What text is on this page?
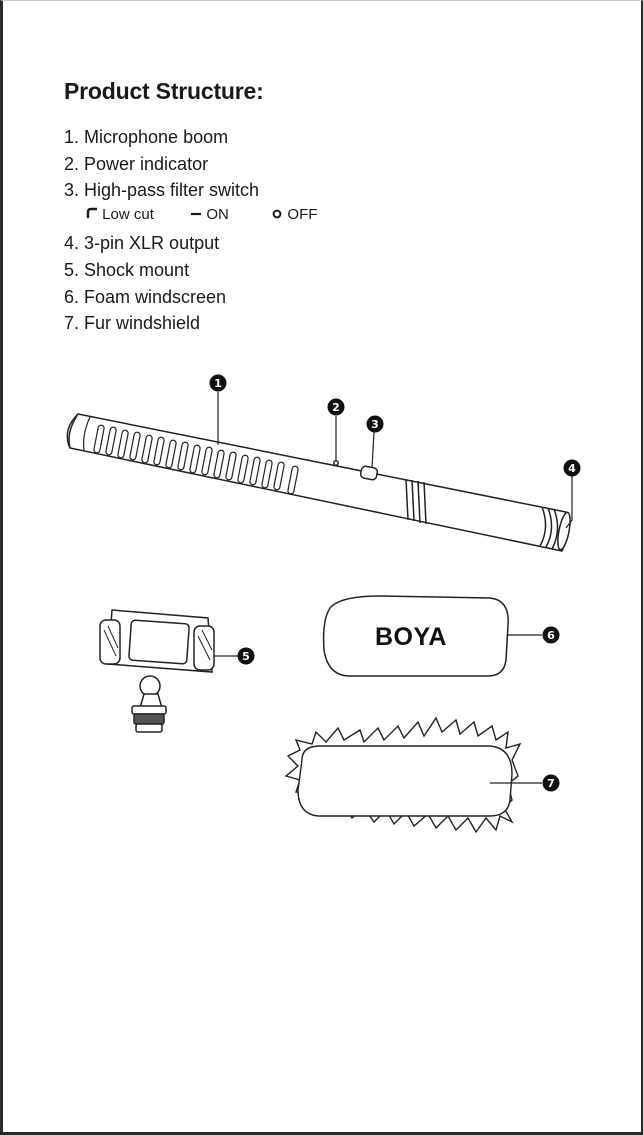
Product Structure:
1. Microphone boom
2. Power indicator
3. High-pass filter switch
4. 3-pin XLR output
5. Shock mount
6. Foam windscreen
7. Fur windshield
Low cut	ON	OFF
BOYA
1
2
3
4
5
6
7
